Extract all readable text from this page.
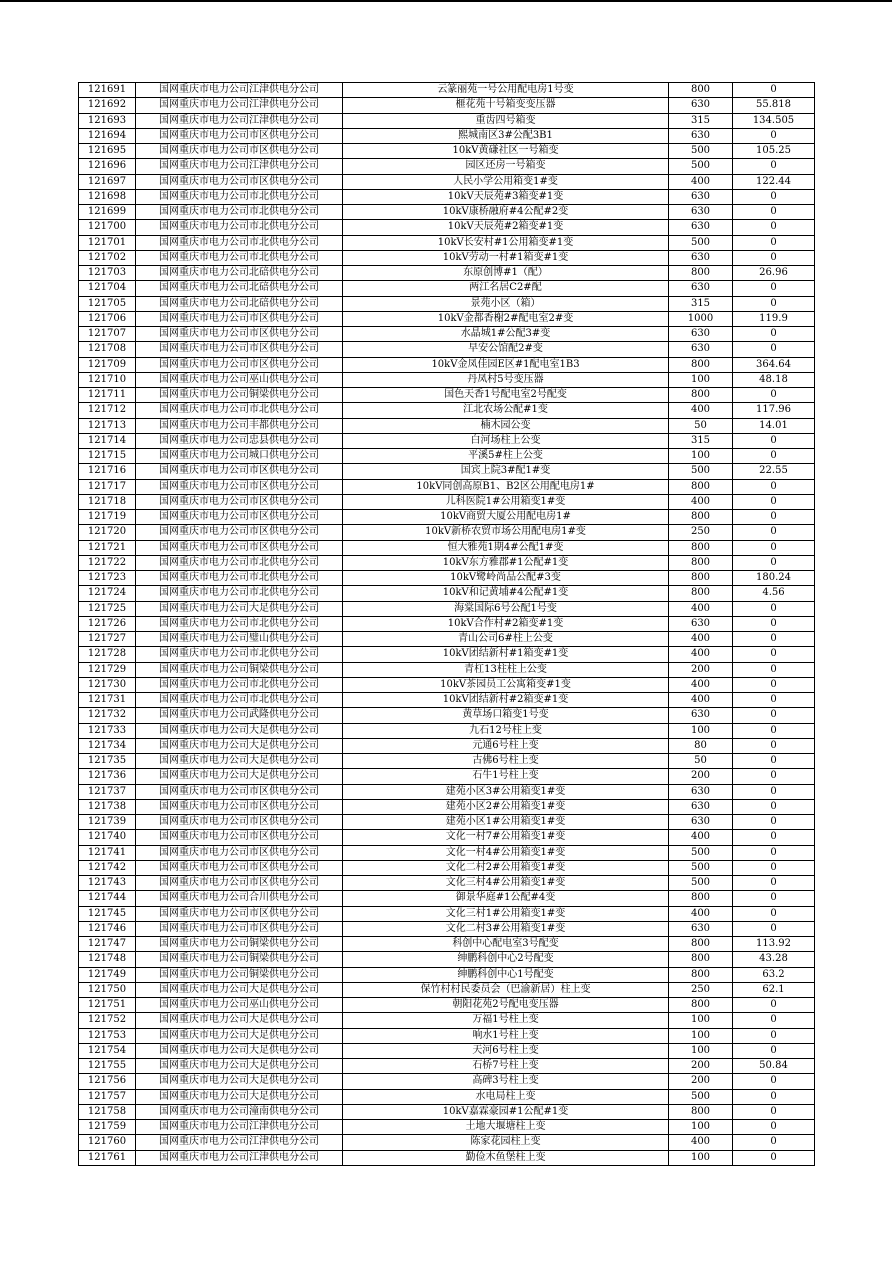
121691	国网重庆市电力公司江津供电分公司	云篆丽苑一号公用配电房1号变	800	0
121692	国网重庆市电力公司江津供电分公司	榧花苑十号箱变变压器	630	55.818
121693	国网重庆市电力公司江津供电分公司	重齿四号箱变	315	134.505
121694	国网重庆市电力公司市区供电分公司	熙城南区3#公配3B1	630	0
121695	国网重庆市电力公司市区供电分公司	10kV黄磏社区一号箱变	500	105.25
121696	国网重庆市电力公司江津供电分公司	园区还房一号箱变	500	0
121697	国网重庆市电力公司市区供电分公司	人民小学公用箱变1#变	400	122.44
121698	国网重庆市电力公司市北供电分公司	10kV天辰苑#3箱变#1变	630	0
121699	国网重庆市电力公司市北供电分公司	10kV康桥融府#4公配#2变	630	0
121700	国网重庆市电力公司市北供电分公司	10kV天辰苑#2箱变#1变	630	0
121701	国网重庆市电力公司市北供电分公司	10kV长安村#1公用箱变#1变	500	0
121702	国网重庆市电力公司市北供电分公司	10kV劳动一村#1箱变#1变	630	0
121703	国网重庆市电力公司北碚供电分公司	东原创博#1（配）	800	26.96
121704	国网重庆市电力公司北碚供电分公司	两江名居C2#配	630	0
121705	国网重庆市电力公司北碚供电分公司	景苑小区（箱）	315	0
121706	国网重庆市电力公司市区供电分公司	10kV金都香榭2#配电室2#变	1000	119.9
121707	国网重庆市电力公司市区供电分公司	水晶城1#公配3#变	630	0
121708	国网重庆市电力公司市区供电分公司	早安公馆配2#变	630	0
121709	国网重庆市电力公司市区供电分公司	10kV金凤佳园E区#1配电室1B3	800	364.64
121710	国网重庆市电力公司巫山供电分公司	丹凤村5号变压器	100	48.18
121711	国网重庆市电力公司铜梁供电分公司	国色天香1号配电室2号配变	800	0
121712	国网重庆市电力公司市北供电分公司	江北农场公配#1变	400	117.96
121713	国网重庆市电力公司丰都供电分公司	楠木园公变	50	14.01
121714	国网重庆市电力公司忠县供电分公司	白河场柱上公变	315	0
121715	国网重庆市电力公司城口供电分公司	平溪5#柱上公变	100	0
121716	国网重庆市电力公司市区供电分公司	国宾上院3#配1#变	500	22.55
121717	国网重庆市电力公司市区供电分公司	10kV同创高原B1、B2区公用配电房1#	800	0
121718	国网重庆市电力公司市区供电分公司	儿科医院1#公用箱变1#变	400	0
121719	国网重庆市电力公司市区供电分公司	10kV商贸大厦公用配电房1#	800	0
121720	国网重庆市电力公司市区供电分公司	10kV新桥农贸市场公用配电房1#变	250	0
121721	国网重庆市电力公司市区供电分公司	恒大雅苑1期4#公配1#变	800	0
121722	国网重庆市电力公司市北供电分公司	10kV东方雅郡#1公配#1变	800	0
121723	国网重庆市电力公司市北供电分公司	10kV鹭岭尚品公配#3变	800	180.24
121724	国网重庆市电力公司市北供电分公司	10kV和记黄埔#4公配#1变	800	4.56
121725	国网重庆市电力公司大足供电分公司	海棠国际6号公配1号变	400	0
121726	国网重庆市电力公司市北供电分公司	10kV合作村#2箱变#1变	630	0
121727	国网重庆市电力公司璧山供电分公司	青山公司6#柱上公变	400	0
121728	国网重庆市电力公司市北供电分公司	10kV团结新村#1箱变#1变	400	0
121729	国网重庆市电力公司铜梁供电分公司	青杠13柱柱上公变	200	0
121730	国网重庆市电力公司市北供电分公司	10kV茶园员工公寓箱变#1变	400	0
121731	国网重庆市电力公司市北供电分公司	10kV团结新村#2箱变#1变	400	0
121732	国网重庆市电力公司武隆供电分公司	黄草场口箱变1号变	630	0
121733	国网重庆市电力公司大足供电分公司	九石12号柱上变	100	0
121734	国网重庆市电力公司大足供电分公司	元通6号柱上变	80	0
121735	国网重庆市电力公司大足供电分公司	古佛6号柱上变	50	0
121736	国网重庆市电力公司大足供电分公司	石牛1号柱上变	200	0
121737	国网重庆市电力公司市区供电分公司	建苑小区3#公用箱变1#变	630	0
121738	国网重庆市电力公司市区供电分公司	建苑小区2#公用箱变1#变	630	0
121739	国网重庆市电力公司市区供电分公司	建苑小区1#公用箱变1#变	630	0
121740	国网重庆市电力公司市区供电分公司	文化一村7#公用箱变1#变	400	0
121741	国网重庆市电力公司市区供电分公司	文化一村4#公用箱变1#变	500	0
121742	国网重庆市电力公司市区供电分公司	文化二村2#公用箱变1#变	500	0
121743	国网重庆市电力公司市区供电分公司	文化三村4#公用箱变1#变	500	0
121744	国网重庆市电力公司合川供电分公司	御景华庭#1公配#4变	800	0
121745	国网重庆市电力公司市区供电分公司	文化三村1#公用箱变1#变	400	0
121746	国网重庆市电力公司市区供电分公司	文化二村3#公用箱变1#变	630	0
121747	国网重庆市电力公司铜梁供电分公司	科创中心配电室3号配变	800	113.92
121748	国网重庆市电力公司铜梁供电分公司	绅鹏科创中心2号配变	800	43.28
121749	国网重庆市电力公司铜梁供电分公司	绅鹏科创中心1号配变	800	63.2
121750	国网重庆市电力公司大足供电分公司	保竹村村民委员会（巴渝新居）柱上变	250	62.1
121751	国网重庆市电力公司巫山供电分公司	朝阳花苑2号配电变压器	800	0
121752	国网重庆市电力公司大足供电分公司	万福1号柱上变	100	0
121753	国网重庆市电力公司大足供电分公司	响水1号柱上变	100	0
121754	国网重庆市电力公司大足供电分公司	天河6号柱上变	100	0
121755	国网重庆市电力公司大足供电分公司	石桥7号柱上变	200	50.84
121756	国网重庆市电力公司大足供电分公司	高碑3号柱上变	200	0
121757	国网重庆市电力公司大足供电分公司	水电局柱上变	500	0
121758	国网重庆市电力公司潼南供电分公司	10kV嘉霖豪园#1公配#1变	800	0
121759	国网重庆市电力公司江津供电分公司	土地大堰塘柱上变	100	0
121760	国网重庆市电力公司江津供电分公司	陈家花园柱上变	400	0
121761	国网重庆市电力公司江津供电分公司	勤俭木鱼堡柱上变	100	0
